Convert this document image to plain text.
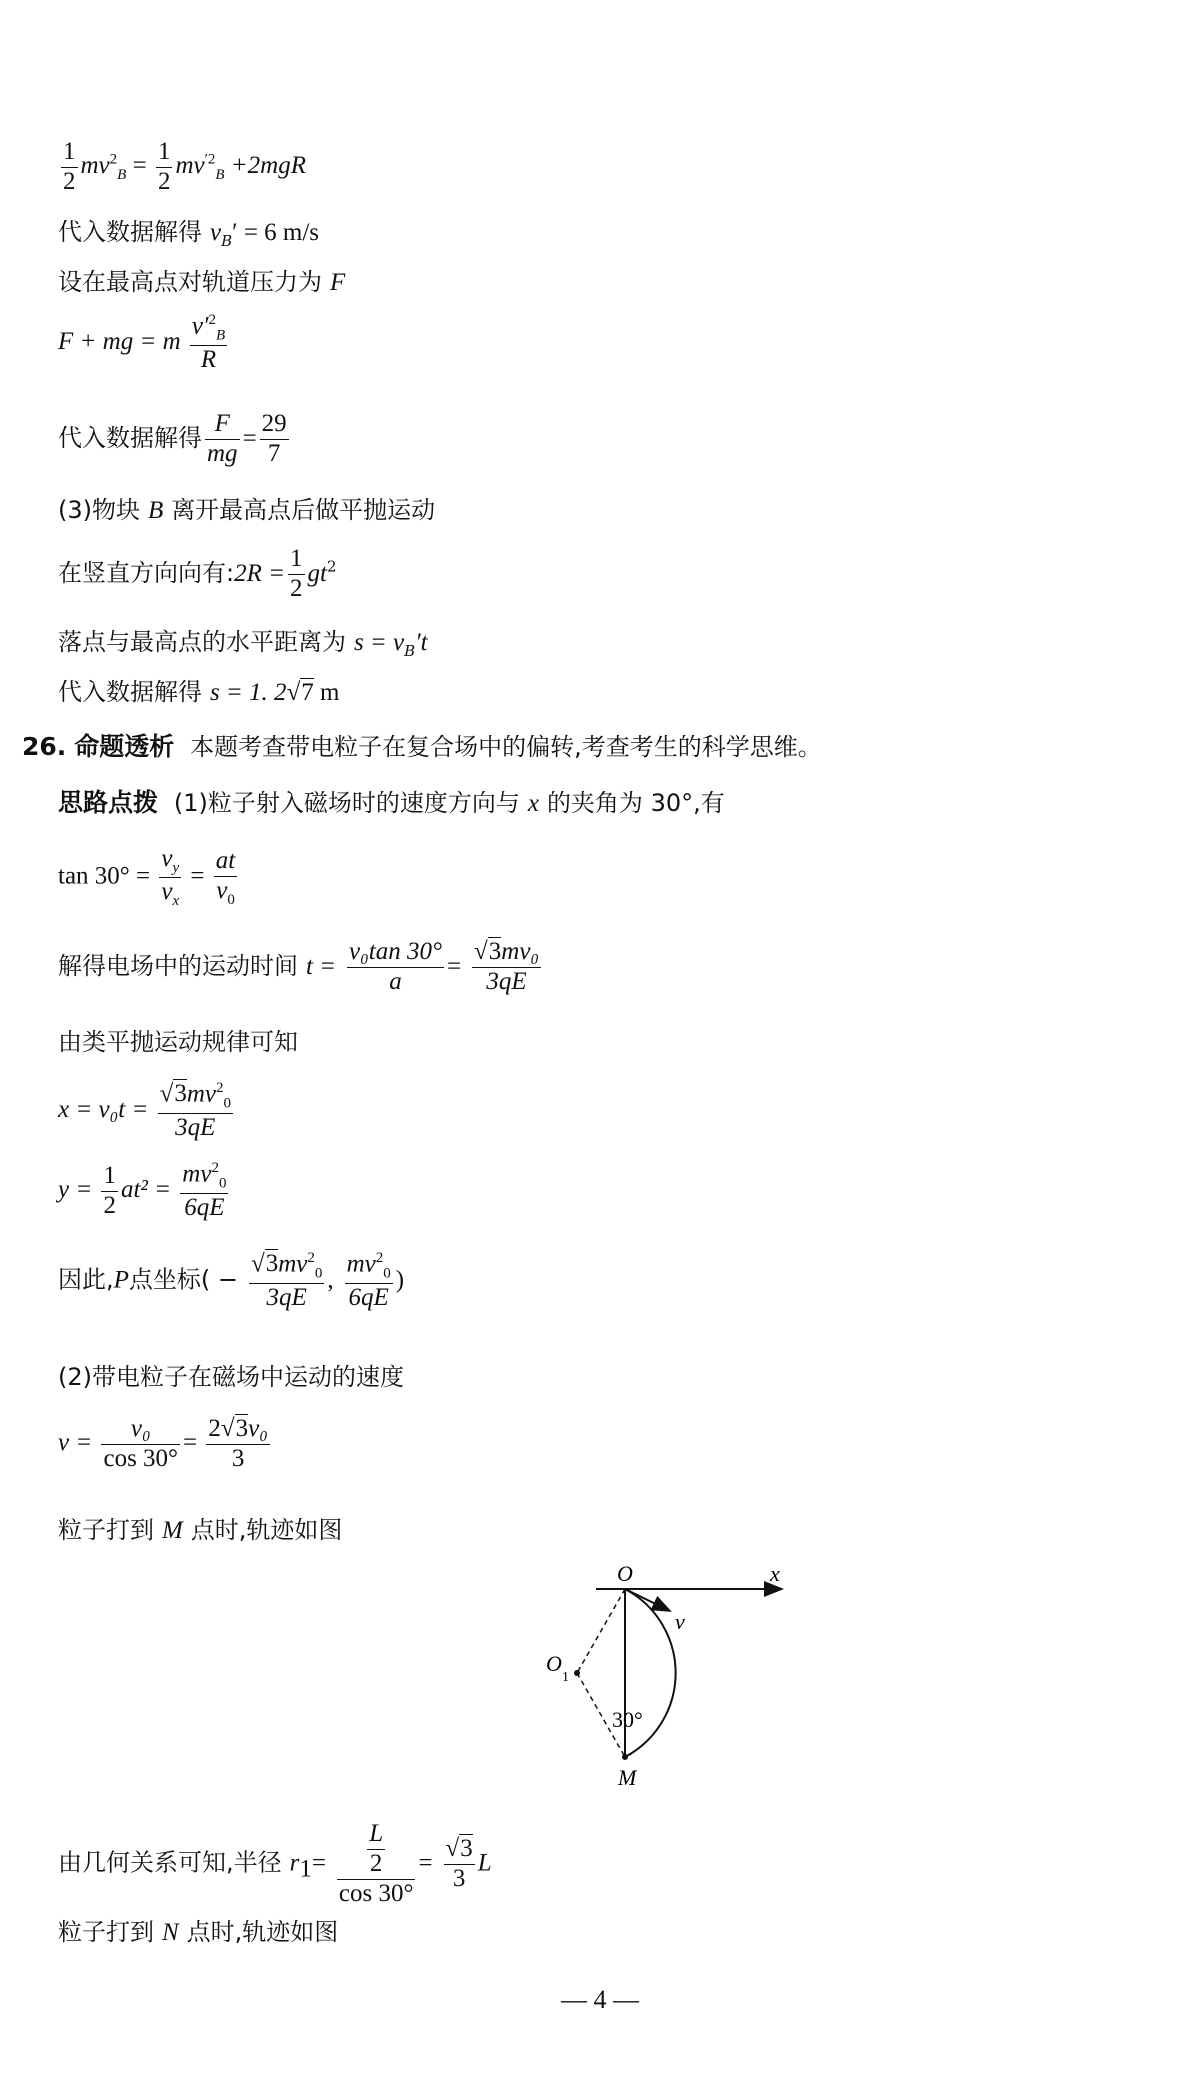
$\frac{1}{2} mv^2_B = \frac{1}{2} mv^{'2}_B +2mgR$
代入数据解得 $v_B' = 6$ m/s
设在最高点对轨道压力为 F
F + mg = m $\frac{v'^2_B}{R}$
代入数据解得 $\frac{F}{mg} = \frac{29}{7}$
(3)物块 B 离开最高点后做平抛运动
在竖直方向向有:2R = $\frac{1}{2} gt^2$
落点与最高点的水平距离为 $s = v_B't$
代入数据解得 s = 1. 2√7 m
26. 命题透析 本题考查带电粒子在复合场中的偏转,考查考生的科学思维。
思路点拨 (1)粒子射入磁场时的速度方向与 x 的夹角为 30°,有
$\tan 30^\circ = \frac{v_y}{v_x} = \frac{at}{v_0}$
解得电场中的运动时间 $t = \frac{\text{v₀tan 30°}}{a} = \frac{\text{√3mv₀}}{3qE}$
由类平抛运动规律可知
$x = v_0t = \frac{√3mv^2_0}{3qE}$
$y = \frac{1}{2} at^2 = \frac{mv^2_0}{6qE}$
因此,P点坐标( − $\frac{√3mv^2_0}{3qE}$ , $\frac{mv^2_0}{6qE}$ )
(2)带电粒子在磁场中运动的速度
$v = \frac{\text{v₀}}{\cos 30^\circ} = \frac{\text{2√3v₀}}{3}$
粒子打到 M 点时,轨迹如图
O	x
v
O
1
30°
M
由几何关系可知,半径 $r_1= \frac{\frac{L}{2}}{\cos 30^\circ} = \frac{√3}{3}$ L
粒子打到 N 点时,轨迹如图
— 4 —
